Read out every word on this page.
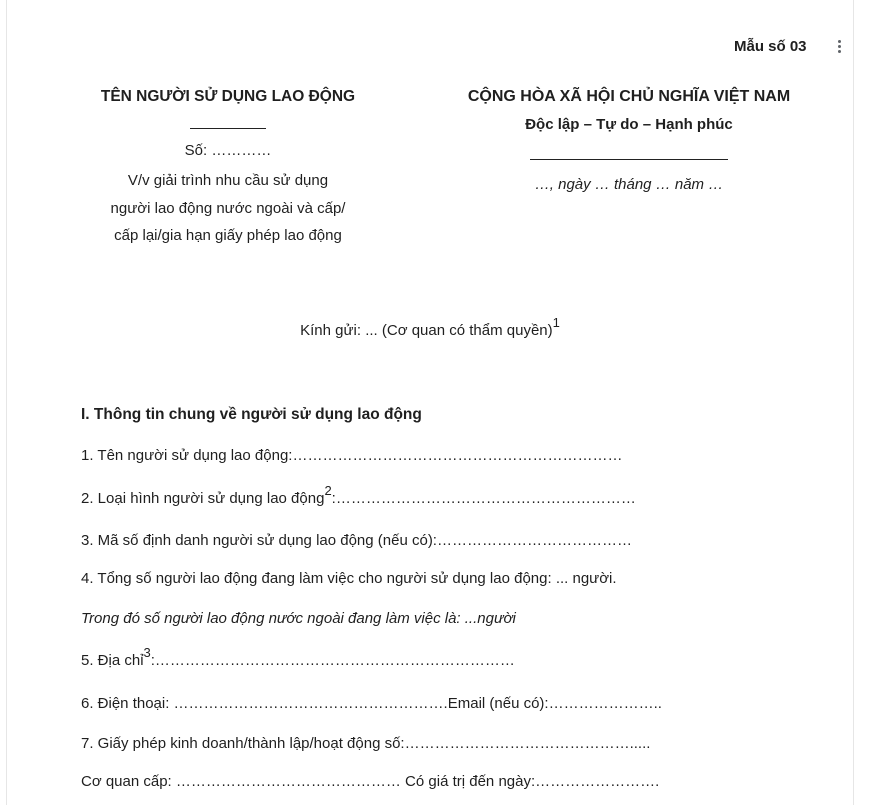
Mẫu số 03
TÊN NGƯỜI SỬ DỤNG LAO ĐỘNG
Số: …………
V/v giải trình nhu cầu sử dụng
người lao động nước ngoài và cấp/
cấp lại/gia hạn giấy phép lao động
CỘNG HÒA XÃ HỘI CHỦ NGHĨA VIỆT NAM
Độc lập – Tự do – Hạnh phúc
…, ngày … tháng … năm …
Kính gửi: ... (Cơ quan có thẩm quyền)$^1$
I. Thông tin chung về người sử dụng lao động
1. Tên người sử dụng lao động:…………………………………………………………
2. Loại hình người sử dụng lao động$^2$:……………………………………………………
3. Mã số định danh người sử dụng lao động (nếu có):…………………………………
4. Tổng số người lao động đang làm việc cho người sử dụng lao động: ... người.
Trong đó số người lao động nước ngoài đang làm việc là: ...người
5. Địa chỉ$^3$:………………………………………………………………
6. Điện thoại: ……………………………………………….Email (nếu có):…………………..
7. Giấy phép kinh doanh/thành lập/hoạt động số:……………………………………….....
Cơ quan cấp: ……………………………………… Có giá trị đến ngày:…………………….
